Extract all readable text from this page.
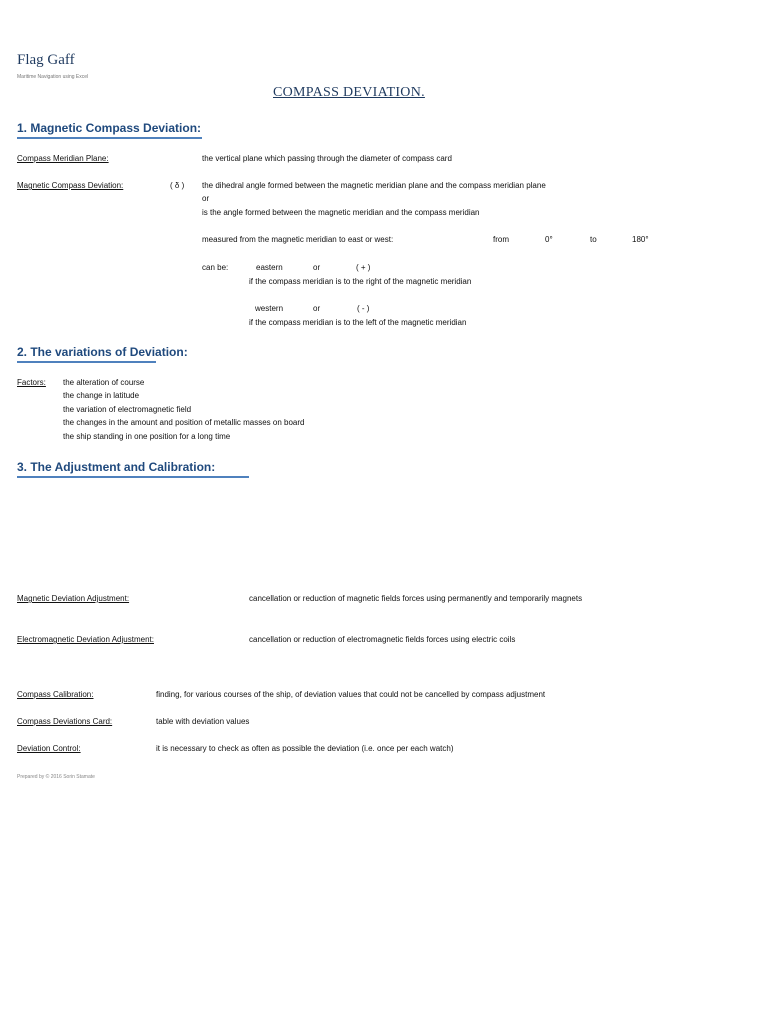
Flag Gaff
Maritime Navigation using Excel
COMPASS DEVIATION.
1. Magnetic Compass Deviation:
Compass Meridian Plane:	the vertical plane which passing through the diameter of compass card
Magnetic Compass Deviation:	( δ ) the dihedral angle formed between the magnetic meridian plane and the compass meridian plane
or
is the angle formed between the magnetic meridian and the compass meridian
measured from the magnetic meridian to east or west:	from	0°	to	180°
can be:	eastern	or	( + )
if the compass meridian is to the right of the magnetic meridian
western	or	( - )
if the compass meridian is to the left of the magnetic meridian
2. The variations of Deviation:
Factors: the alteration of course
the change in latitude
the variation of electromagnetic field
the changes in the amount and position of metallic masses on board
the ship standing in one position for a long time
3. The Adjustment and Calibration:
Magnetic Deviation Adjustment:	cancellation or reduction of magnetic fields forces using permanently and temporarily magnets
Electromagnetic Deviation Adjustment:	cancellation or reduction of electromagnetic fields forces using electric coils
Compass Calibration:	finding, for various courses of the ship, of deviation values that could not be cancelled by compass adjustment
Compass Deviations Card:	table with deviation values
Deviation Control:	it is necessary to check as often as possible the deviation (i.e. once per each watch)
Prepared by © 2016 Sorin Stamate
